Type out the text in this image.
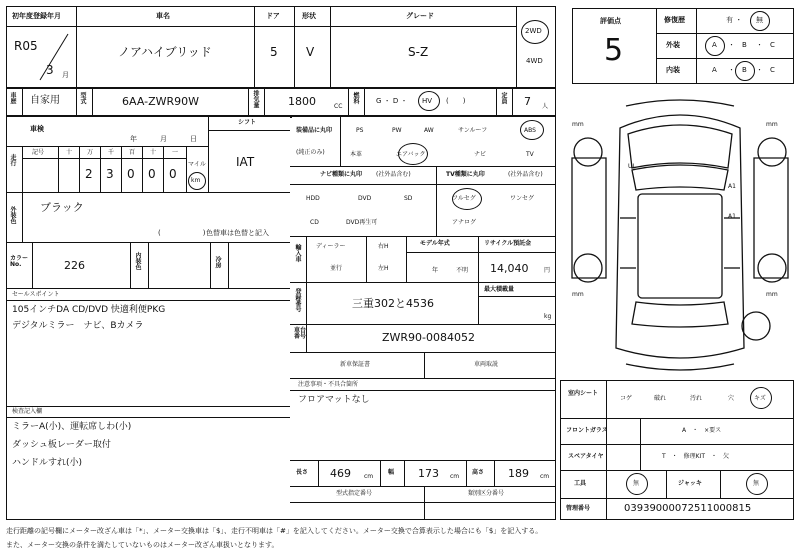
初年度登録年月	車名	ドア	形状	グレード
R05
3 月
ノアハイブリッド	5 V	S-Z
2WD
4WD
車歴 自家用	型式	6AA-ZWR90W	排気量	1800	CC
燃料 G ・ D ・ HV (　　)	定員 7 人
評価点
5
修復歴	有 ・ 無
外装	A ・ B ・ C
内装	A ・ B ・ C
車検
年	月	日
シフト
IAT
走行
記号	十 万 千 百 十	一
2 3 0 0 0
マイル
km
外装色 ブラック
(　　　　　　) 色替車は色替と記入
カラーNo.	226	内装色	冷房
セールスポイント
105インチDA CD/DVD 快適利便PKG
デジタルミラー　ナビ、Bカメラ
検査記入欄
ミラーA(小)、運転席しわ(小)
ダッシュ板レーダー取付
ハンドルすれ(小)
装備品に丸印
(純正のみ)
PS	PW	AW	サンルーフ	ABS
本革	エアバック	ナビ	TV
ナビ種類に丸印 (社外品含む)	TV種類に丸印	(社外品含む)
HDD	DVD	SD
CD	DVD再生可
フルセグ	ワンセグ
アナログ
輸入車	ディーラー
並行
右H
左H
モデル年式
年	不明
リサイクル預託金
14,040	円
登録番号	三重302と4536
最大積載量
kg
車台番号	ZWR90-0084052
新車保証書	車両取説
注意事項・不具合箇所
フロアマットなし
長さ 469 cm
幅 173 cm
高さ 189 cm
型式指定番号	類別区分番号
室内シート
コゲ	破れ	汚れ	穴	キズ
フロントガラス	A　・　×要ス
スペアタイヤ	T　・　修理KIT　・　欠
工具	無	ジャッキ	無
管理番号	03939000072511000815
mm	mm
mm	mm
UI
A1
A1
走行距離の記号欄にメーター改ざん車は「*」、メーター交換車は「$」、走行不明車は「#」を記入してください。メーター交換で合算表示した場合にも「$」を記入する。
また、メーター交換の条件を満たしていないものはメーター改ざん車扱いとなります。
